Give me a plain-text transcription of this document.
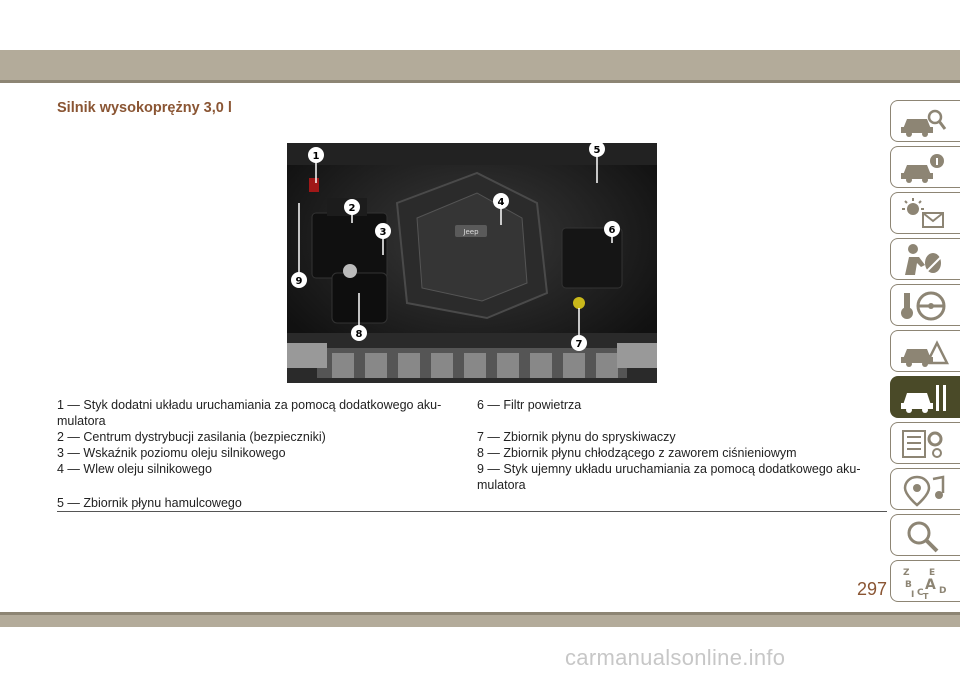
Silnik wysokoprężny 3,0 l
Jeep
1
2
3
4
5
6
7
8
9
1 — Styk dodatni układu uruchamiania za pomocą dodatkowego aku-
mulatora
2 — Centrum dystrybucji zasilania (bezpieczniki)
3 — Wskaźnik poziomu oleju silnikowego
4 — Wlew oleju silnikowego
5 — Zbiornik płynu hamulcowego
6 — Filtr powietrza
7 — Zbiornik płynu do spryskiwaczy
8 — Zbiornik płynu chłodzącego z zaworem ciśnieniowym
9 — Styk ujemny układu uruchamiania za pomocą dodatkowego aku-
mulatora
297
carmanualsonline.info
Z E
B A
I C D
T
